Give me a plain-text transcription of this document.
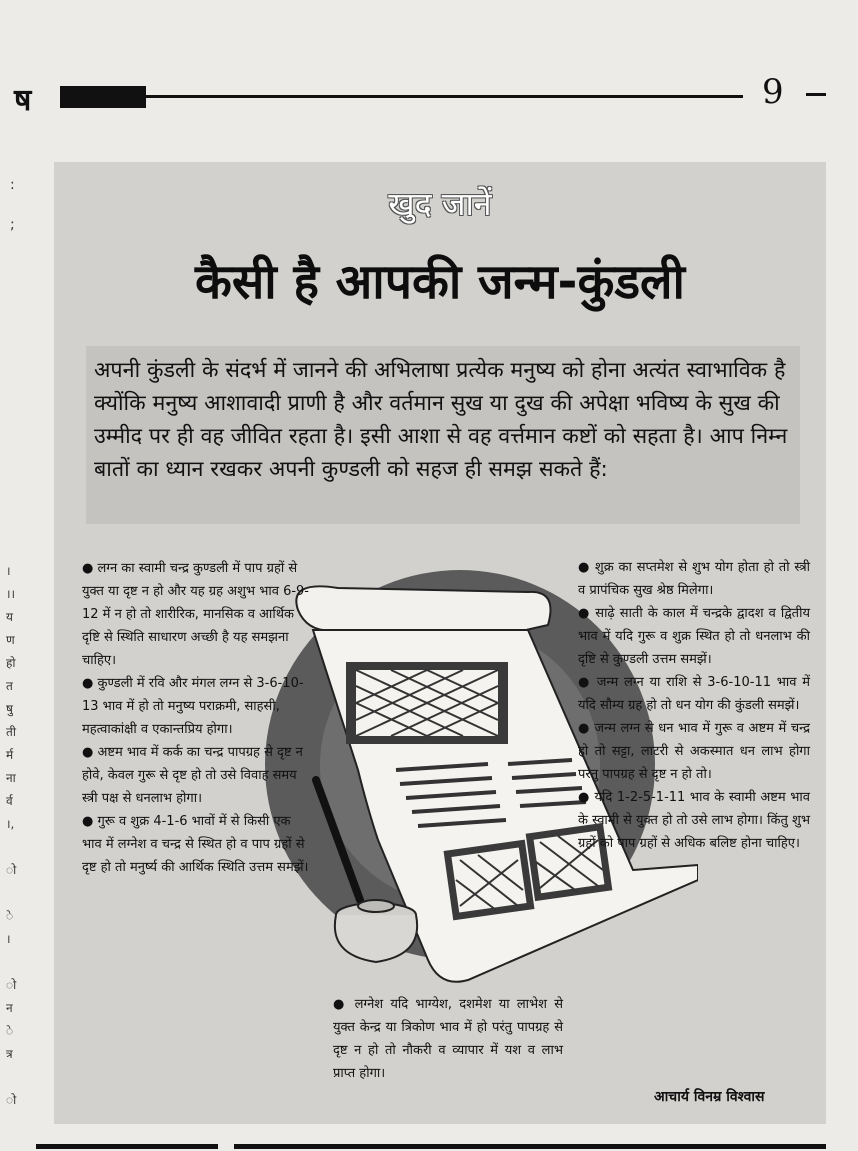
ष	9
:
;
।
।।
य
ण
हो
त
षु
ती
र्म
ना
र्व
।,

ो

े
।

ो
न
े
त्र

ो
खुद जानें
कैसी है आपकी जन्म-कुंडली
अपनी कुंडली के संदर्भ में जानने की अभिलाषा प्रत्येक मनुष्य को होना अत्यंत स्वाभाविक है क्योंकि मनुष्य आशावादी प्राणी है और वर्तमान सुख या दुख की अपेक्षा भविष्य के सुख की उम्मीद पर ही वह जीवित रहता है। इसी आशा से वह वर्त्तमान कष्टों को सहता है। आप निम्न बातों का ध्यान रखकर अपनी कुण्डली को सहज ही समझ सकते हैं:

● लग्न का स्वामी चन्द्र कुण्डली में पाप ग्रहों से युक्त या दृष्ट न हो और यह ग्रह अशुभ भाव 6-9-12 में न हो तो शारीरिक, मानसिक व आर्थिक दृष्टि से स्थिति साधारण अच्छी है यह समझना चाहिए।

● कुण्डली में रवि और मंगल लग्न से 3-6-10-13 भाव में हो तो मनुष्य पराक्रमी, साहसी, महत्वाकांक्षी व एकान्तप्रिय होगा।

● अष्टम भाव में कर्क का चन्द्र पापग्रह से दृष्ट न होवे, केवल गुरू से दृष्ट हो तो उसे विवाह समय स्त्री पक्ष से धनलाभ होगा।

● गुरू व शुक्र 4-1-6 भावों में से किसी एक भाव में लग्नेश व चन्द्र से स्थित हो व पाप ग्रहों से दृष्ट हो तो मनुर्ष्य की आर्थिक स्थिति उत्तम समझें।

● शुक्र का सप्तमेश से शुभ योग होता हो तो स्त्री व प्रापंचिक सुख श्रेष्ठ मिलेगा।

● साढ़े साती के काल में चन्द्रके द्वादश व द्वितीय भाव में यदि गुरू व शुक्र स्थित हो तो धनलाभ की दृष्टि से कुण्डली उत्तम समझें।

● जन्म लग्न या राशि से 3-6-10-11 भाव में यदि सौम्य ग्रह हो तो धन योग की कुंडली समझें।

● जन्म लग्न से धन भाव में गुरू व अष्टम में चन्द्र हो तो सट्टा, लाटरी से अकस्मात धन लाभ होगा परंतु पापग्रह से दृष्ट न हो तो।

● यदि 1-2-5-1-11 भाव के स्वामी अष्टम भाव के स्वामी से युक्त हो तो उसे लाभ होगा। किंतु शुभ ग्रहों को पाप ग्रहों से अधिक बलिष्ट होना चाहिए।

● लग्नेश यदि भाग्येश, दशमेश या लाभेश से युक्त केन्द्र या त्रिकोण भाव में हो परंतु पापग्रह से दृष्ट न हो तो नौकरी व व्यापार में यश व लाभ प्राप्त होगा।

आचार्य विनम्र विश्वास
